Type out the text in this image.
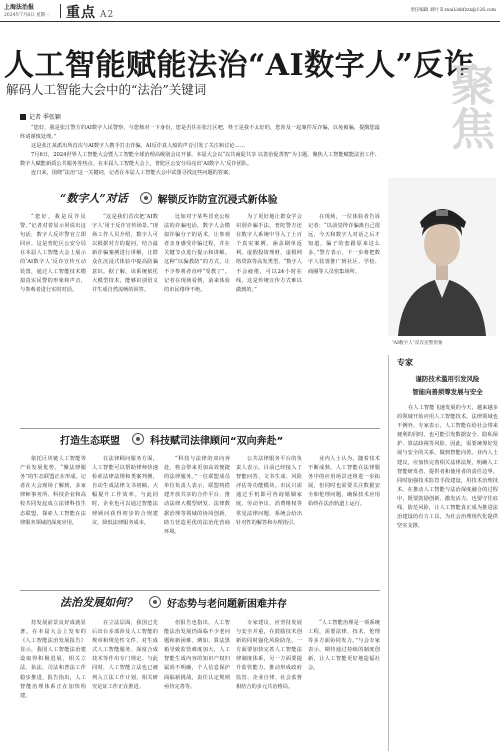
上海法治报
2024年7月8日 星期一 重点 A2	责任编辑 刘叶 E-mail:lsbfzzx@126.com
人工智能赋能法治“AI数字人”反诈
解码人工智能大会中的“法治”关键词	聚焦
记者 季张颖

“您好，我是张江警方的AI数字人民警察，与您核对一下身份，您是否住在张江区吧，姓王是我不太好的，您涉及一起案件反诈骗，以免被骗，提醒您最终请谨慎处理。”

这是张江某派出所首次与AI数字人携手打击诈骗，AI反诈真人般的声音引发了关注和讨论……

7月6日，2024世界人工智能大会暨人工智能全球治理高级别会议开幕，本届大会以“以共商促共享 以善治促善智”为主题，聚焦人工智能赋能法治工作、数字人赋能新质公共服务等热点。在本届人工智能大会上，普陀区公安分局亮出‘AI数字人’反诈团队。

连日来，围绕“法治”这一关键词，记者在本届人工智能大会中试图寻找这些问题的答案。

“数字人”对话	解锁反诈防宣沉浸式新体验

“您好，我是反诈民警。”记者对着显示屏说出这句话，数字人反诈警官立即回应。这是普陀区公安分局在本届人工智能大会上展示的‘AI数字人’反诈宣传互动装置，通过人工智能技术模拟真实民警的形象和声音，与参观者进行实时对话。

“这是我们首次把‘AI数字人’用于反诈宣传场景。”现场工作人员介绍，数字人可以根据对方的提问，结合最新诈骗案例进行讲解，让群众在沉浸式体验中提高防骗意识。据了解，该系统依托大模型技术，能够识别语义并生成自然流畅的回答。

比如对于某些冒充公检法的诈骗电话，数字人会模拟诈骗分子的话术，让参观者亲身感受诈骗过程，并在关键节点进行提示和讲解。这种“以骗教防”的方式，让不少参观者直呼“受教了”。记者在现场看到，前来体验的市民络绎不绝。

为了更好地让群众学会识别诈骗手法，普陀警方还在数字人系统中导入了上百个真实案例，涵盖刷单返利、虚假投资理财、虚假网络贷款等高发类型。“数字人不会疲倦，可以24小时在线，这是传统宣传方式难以做到的。”

在现场，一位体验者告诉记者：“以前觉得诈骗离自己很远，今天和数字人对话之后才知道，骗子的套路原来这么多。”警方表示，下一步将把数字人装置推广到社区、学校、商圈等人员密集场所。

“AI数字人”反诈民警形象
打造生态联盟	科技赋司法律顾问“双向奔赴”

依托区块链人工智能等产业发展优势，“聚法律服务”的生态联盟正在形成。记者在大会现场了解到，多家律师事务所、科技企业和高校共同发起成立法律科技生态联盟，探索人工智能在法律服务领域的深度应用。

在法律顾问服务方面，人工智能可以帮助律师快速检索法律法规和类案判例，自动生成法律文书初稿，大幅提升工作效率。与此同时，企业也可以通过智能法律顾问获得初步的合规建议，降低法律服务成本。

“科技与法律的双向奔赴，将会带来更加高效便捷的法律服务。”一位联盟成员单位负责人表示，联盟将搭建开放共享的合作平台，推动法律大模型研发、法律数据治理等领域的协同创新，助力营造更优的法治化营商环境。

公共法律服务平台的负责人表示，目前已经接入了智能问答、文书生成、风险评估等功能模块。市民只需通过手机即可咨询婚姻家庭、劳动争议、消费维权等常见法律问题，系统会给出针对性的解答和办理指引。

业内人士认为，随着技术不断成熟，人工智能在法律服务中的应用场景还将进一步拓展，但同时也需要关注数据安全和伦理问题，确保技术应用始终在法治轨道上运行。

法治发展如何？	好态势与老问题新困难并存

持发展前景良好成就显著。在本届大会上发布的《人工智能法治发展报告》显示，我国人工智能法治建设取得积极进展，相关立法、执法、司法和普法工作稳步推进。报告指出，人工智能治理体系正在加快构建。

在立法层面，我国已先后出台多部涉及人工智能的规章和规范性文件，对生成式人工智能服务、深度合成技术等作出专门规定。与此同时，人工智能立法也已被列入立法工作计划，相关研究论证工作正在推进。

但报告也指出，人工智能法治发展仍面临不少老问题和新困难。例如，算法黑箱导致监管难度加大，人工智能生成内容的知识产权归属尚不明确，个人信息保护面临新挑战，责任认定规则亟待完善等。

专家建议，应坚持发展与安全并重，在鼓励技术创新的同时强化风险防范。一方面要加快完善人工智能法律制度体系，另一方面要提升监管能力，推动形成政府监管、企业自律、社会监督相结合的多元共治格局。

“人工智能治理是一项系统工程，需要法律、技术、伦理等多方面协同发力。”与会专家表示，期待通过持续的制度创新，让人工智能更好地造福社会。

专家
谨防技术滥用引发风险
智能向善须筹发展与安全
在人工智能飞速发展的今天，越来越多的领域开始应用人工智能技术，法律领域也不例外。专家表示，人工智能在给社会带来便利的同时，也可能引发数据安全、隐私保护、算法歧视等风险。因此，需要统筹好发展与安全的关系，做到智能向善。业内人士建议，应加快完善相关法律法规，明确人工智能研发者、提供者和使用者的责任边界，同时加强技术监管手段建设，用技术治理技术。在推动人工智能与法治深度融合的过程中，既要鼓励创新、激发活力，也要守住底线、防范风险，让人工智能真正成为推进法治建设的有力工具，为社会治理现代化提供坚实支撑。
